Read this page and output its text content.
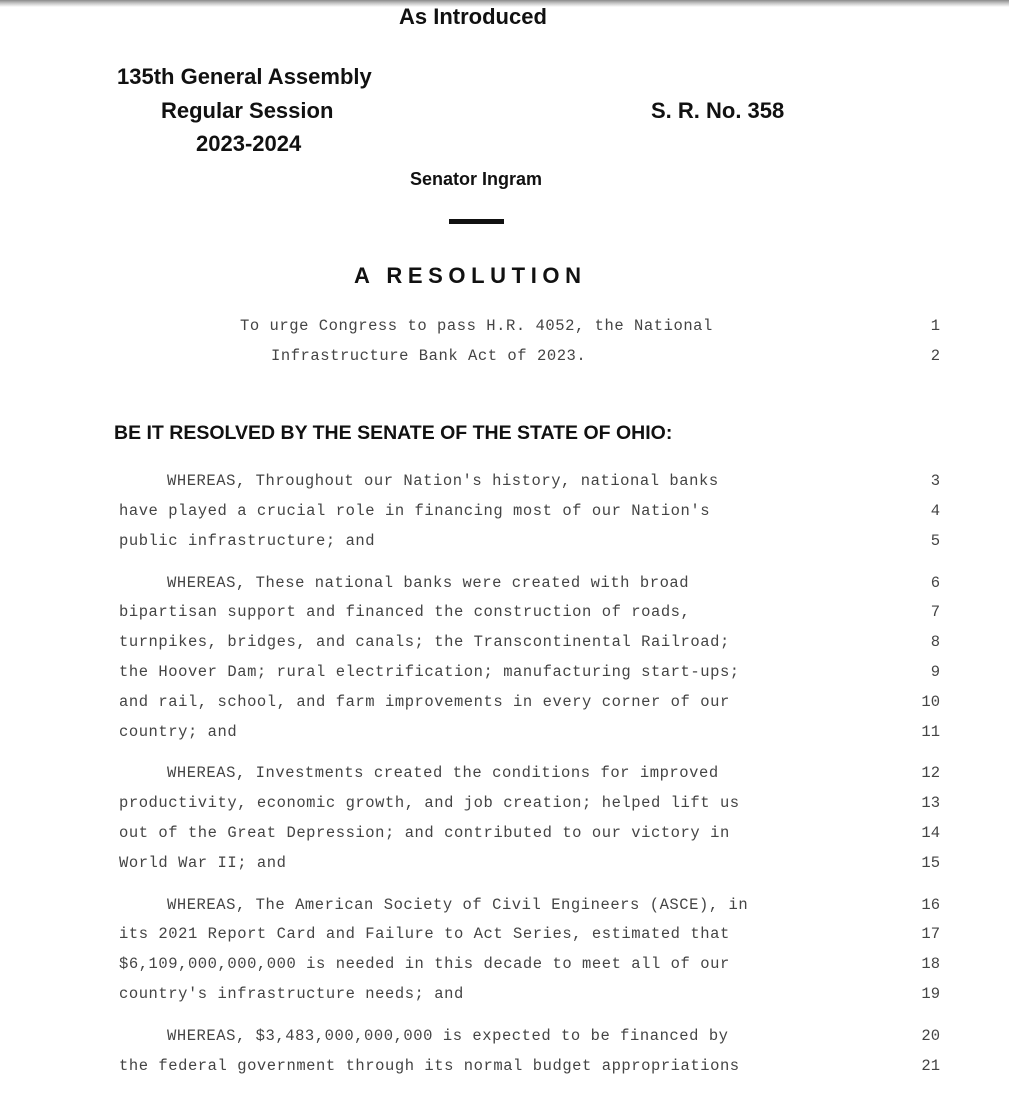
As Introduced
135th General Assembly
Regular Session
2023-2024
S. R. No. 358
Senator Ingram
A RESOLUTION
To urge Congress to pass H.R. 4052, the National	1
Infrastructure Bank Act of 2023.	2
BE IT RESOLVED BY THE SENATE OF THE STATE OF OHIO:
WHEREAS, Throughout our Nation's history, national banks	3
have played a crucial role in financing most of our Nation's	4
public infrastructure; and	5
WHEREAS, These national banks were created with broad	6
bipartisan support and financed the construction of roads,	7
turnpikes, bridges, and canals; the Transcontinental Railroad;	8
the Hoover Dam; rural electrification; manufacturing start-ups;	9
and rail, school, and farm improvements in every corner of our	10
country; and	11
WHEREAS, Investments created the conditions for improved	12
productivity, economic growth, and job creation; helped lift us	13
out of the Great Depression; and contributed to our victory in	14
World War II; and	15
WHEREAS, The American Society of Civil Engineers (ASCE), in	16
its 2021 Report Card and Failure to Act Series, estimated that	17
$6,109,000,000,000 is needed in this decade to meet all of our	18
country's infrastructure needs; and	19
WHEREAS, $3,483,000,000,000 is expected to be financed by	20
the federal government through its normal budget appropriations	21
